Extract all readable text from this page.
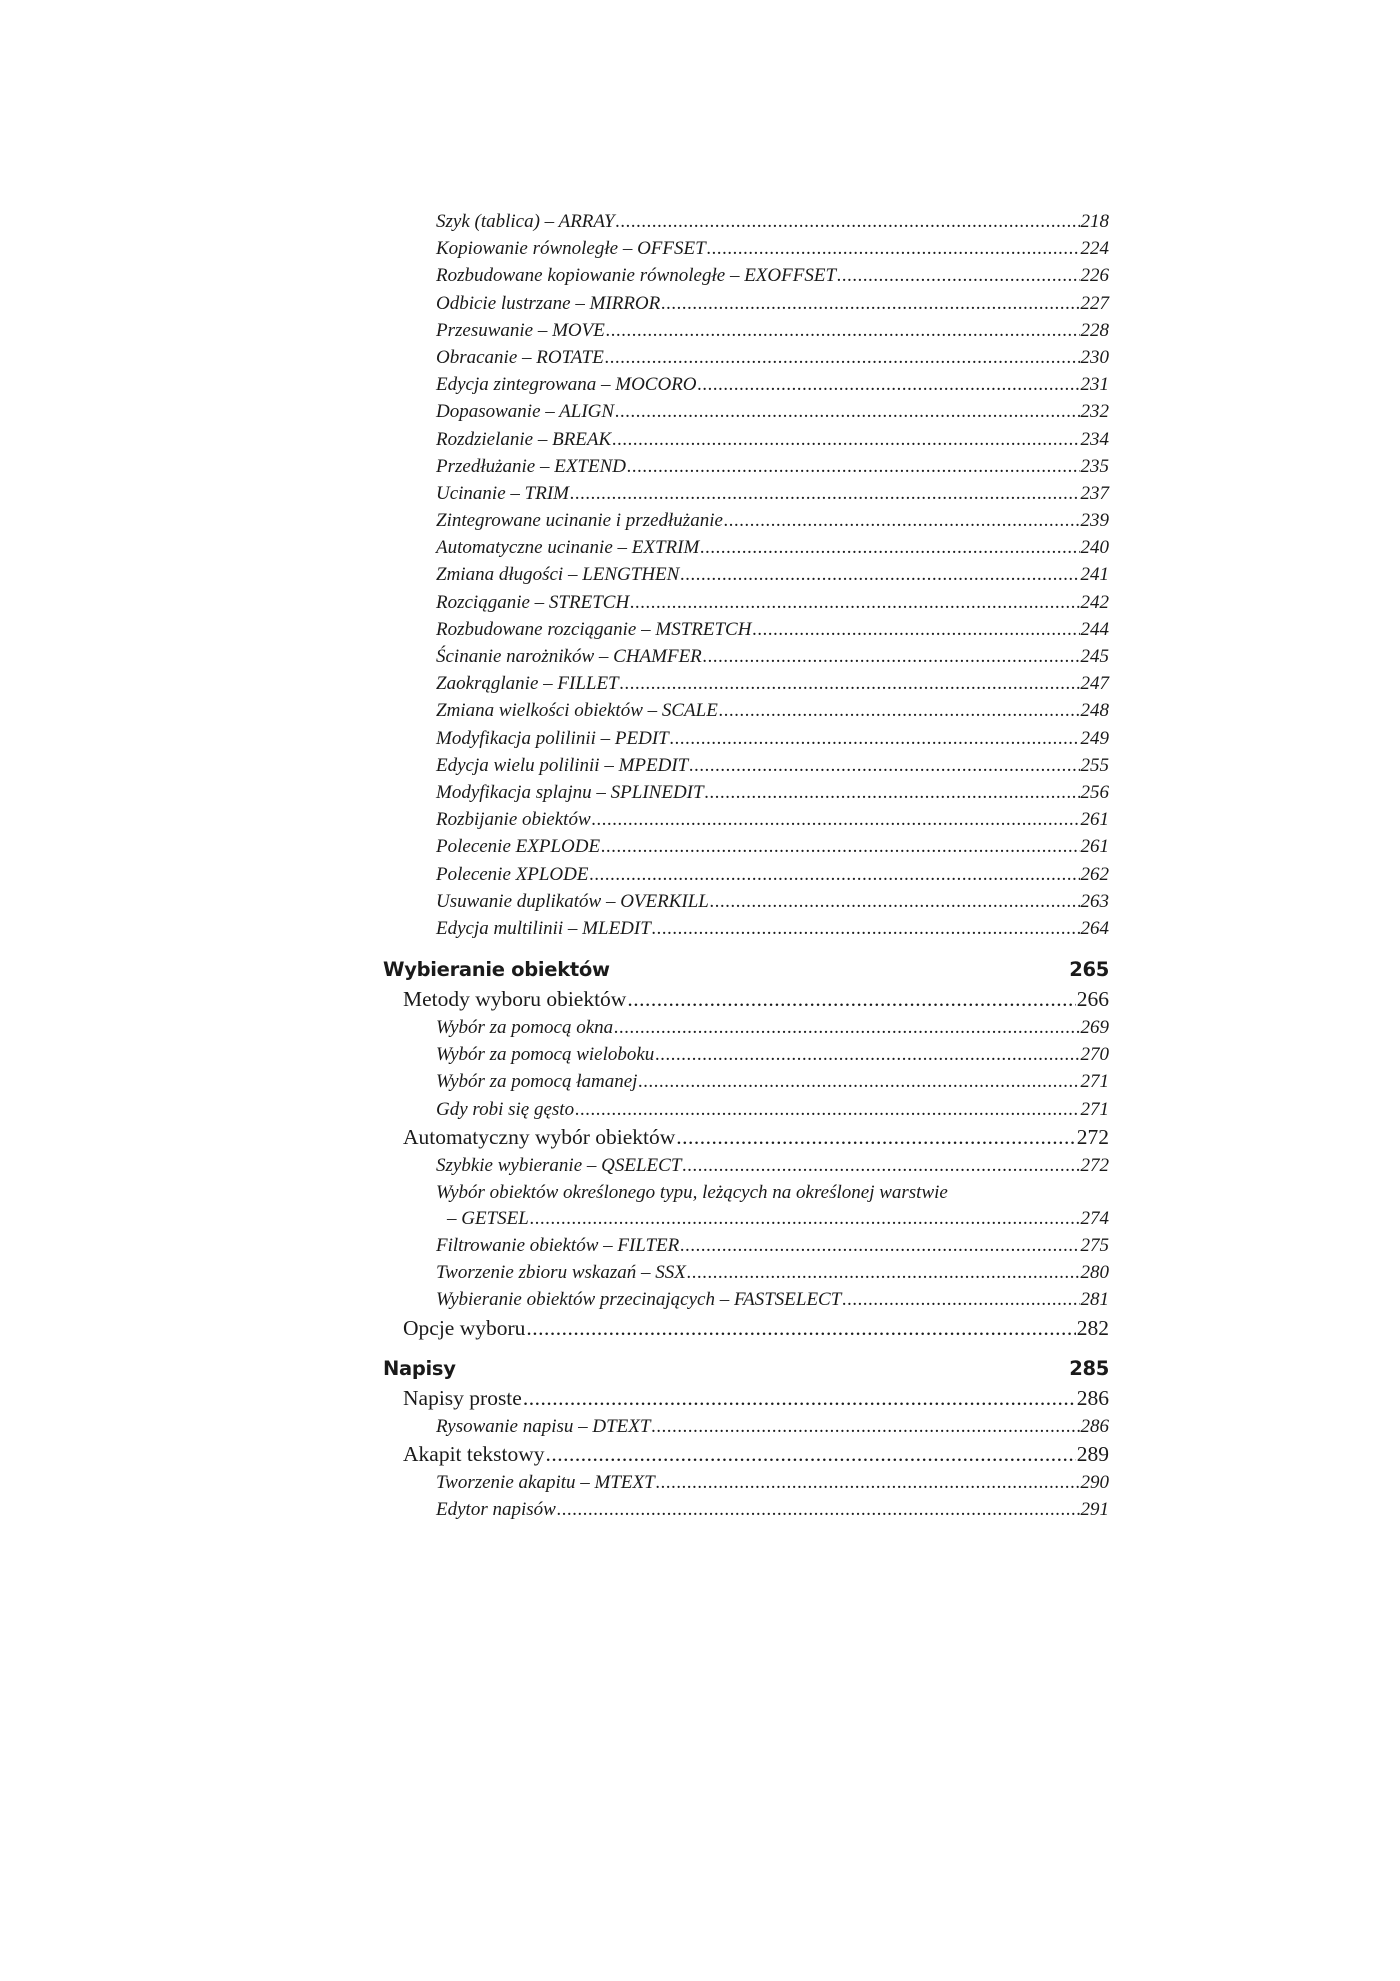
Szyk (tablica) – ARRAY .....	218
Kopiowanie równoległe – OFFSET .....	224
Rozbudowane kopiowanie równoległe – EXOFFSET .....	226
Odbicie lustrzane – MIRROR .....	227
Przesuwanie – MOVE .....	228
Obracanie – ROTATE .....	230
Edycja zintegrowana – MOCORO .....	231
Dopasowanie – ALIGN .....	232
Rozdzielanie – BREAK .....	234
Przedłużanie – EXTEND .....	235
Ucinanie – TRIM .....	237
Zintegrowane ucinanie i przedłużanie .....	239
Automatyczne ucinanie – EXTRIM .....	240
Zmiana długości – LENGTHEN .....	241
Rozciąganie – STRETCH .....	242
Rozbudowane rozciąganie – MSTRETCH .....	244
Ścinanie narożników – CHAMFER .....	245
Zaokrąglanie – FILLET .....	247
Zmiana wielkości obiektów – SCALE .....	248
Modyfikacja polilinii – PEDIT .....	249
Edycja wielu polilinii – MPEDIT .....	255
Modyfikacja splajnu – SPLINEDIT .....	256
Rozbijanie obiektów .....	261
Polecenie EXPLODE .....	261
Polecenie XPLODE .....	262
Usuwanie duplikatów – OVERKILL .....	263
Edycja multilinii – MLEDIT .....	264
Wybieranie obiektów	265
Metody wyboru obiektów .....	266
Wybór za pomocą okna .....	269
Wybór za pomocą wieloboku .....	270
Wybór za pomocą łamanej .....	271
Gdy robi się gęsto .....	271
Automatyczny wybór obiektów .....	272
Szybkie wybieranie – QSELECT .....	272
Wybór obiektów określonego typu, leżących na określonej warstwie
– GETSEL .....	274
Filtrowanie obiektów – FILTER .....	275
Tworzenie zbioru wskazań – SSX .....	280
Wybieranie obiektów przecinających – FASTSELECT .....	281
Opcje wyboru .....	282
Napisy	285
Napisy proste .....	286
Rysowanie napisu – DTEXT .....	286
Akapit tekstowy .....	289
Tworzenie akapitu – MTEXT .....	290
Edytor napisów .....	291
